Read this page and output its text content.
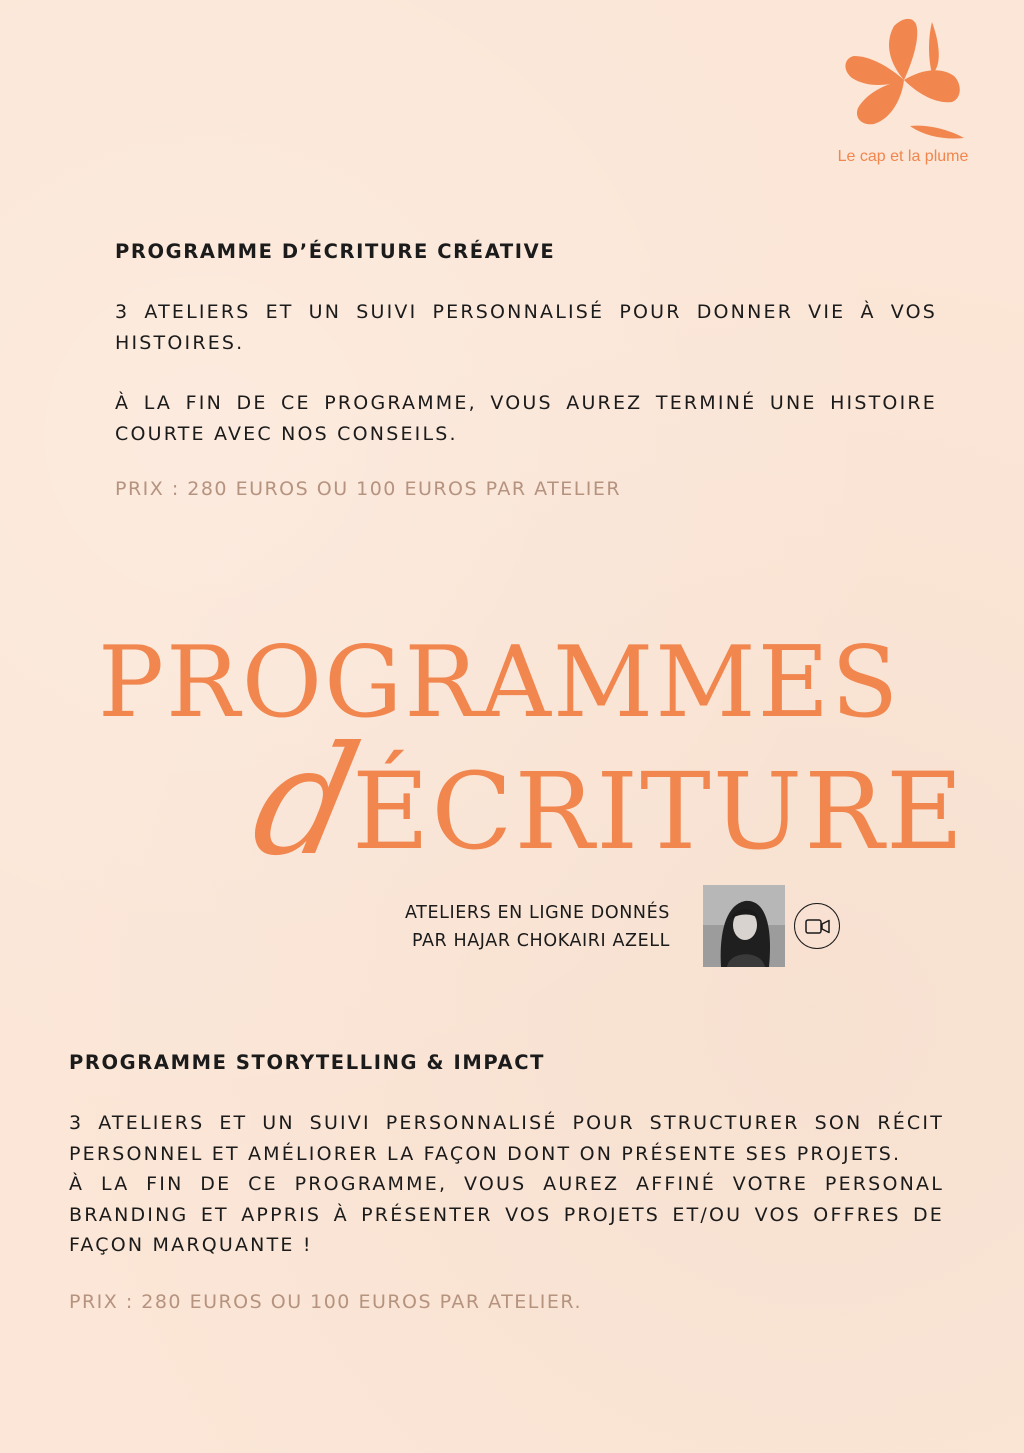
Le cap et la plume

PROGRAMME D’ÉCRITURE CRÉATIVE

3 ATELIERS ET UN SUIVI PERSONNALISÉ POUR DONNER VIE À VOS HISTOIRES.

À LA FIN DE CE PROGRAMME, VOUS AUREZ TERMINÉ UNE HISTOIRE COURTE AVEC NOS CONSEILS.

PRIX : 280 EUROS OU 100 EUROS PAR ATELIER

PROGRAMMES
d
ÉCRITURE
ATELIERS EN LIGNE DONNÉS
PAR HAJAR CHOKAIRI AZELL

PROGRAMME STORYTELLING & IMPACT

3 ATELIERS ET UN SUIVI PERSONNALISÉ POUR STRUCTURER SON RÉCIT PERSONNEL ET AMÉLIORER LA FAÇON DONT ON PRÉSENTE SES PROJETS.

À LA FIN DE CE PROGRAMME, VOUS AUREZ AFFINÉ VOTRE PERSONAL BRANDING ET APPRIS À PRÉSENTER VOS PROJETS ET/OU VOS OFFRES DE FAÇON MARQUANTE !

PRIX : 280 EUROS OU 100 EUROS PAR ATELIER.
